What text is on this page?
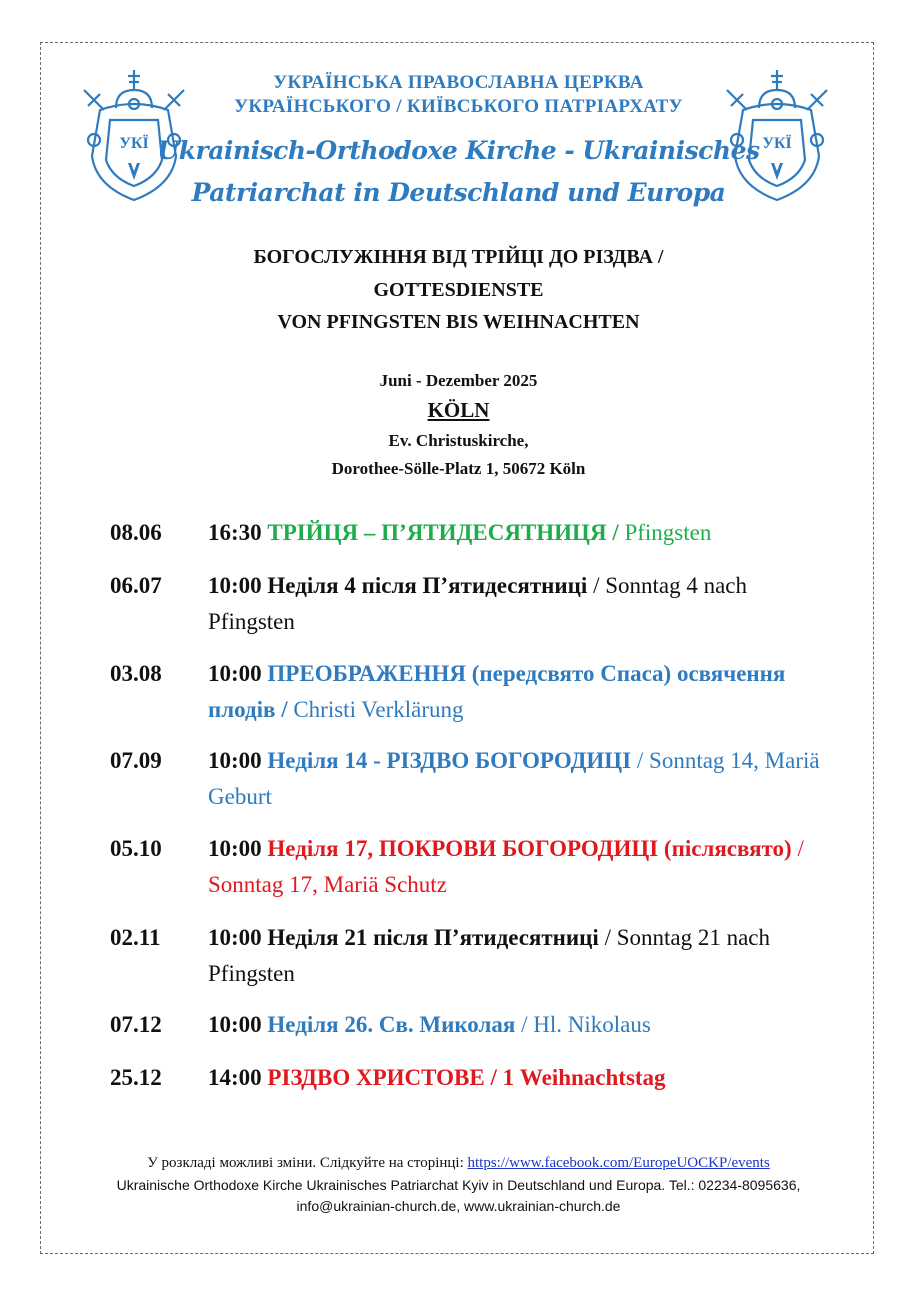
УКЇ	УКЇ
УКРАЇНСЬКА ПРАВОСЛАВНА ЦЕРКВА
УКРАЇНСЬКОГО / КИЇВСЬКОГО ПАТРІАРХАТУ
Ukrainisch-Orthodoxe Kirche - Ukrainisches
Patriarchat in Deutschland und Europa
БОГОСЛУЖІННЯ ВІД ТРІЙЦІ ДО РІЗДВА /
GOTTESDIENSTE
VON PFINGSTEN BIS WEIHNACHTEN
Juni - Dezember 2025
KÖLN
Ev. Christuskirche,
Dorothee-Sölle-Platz 1, 50672 Köln
08.06 16:30 ТРІЙЦЯ – П’ЯТИДЕСЯТНИЦЯ / Pfingsten
06.07 10:00 Неділя 4 після П’ятидесятниці / Sonntag 4 nach Pfingsten
03.08 10:00 ПРЕОБРАЖЕННЯ (передсвято Спаса) освячення плодів / Christi Verklärung
07.09 10:00 Неділя 14 - РІЗДВО БОГОРОДИЦІ / Sonntag 14, Mariä Geburt
05.10 10:00 Неділя 17, ПОКРОВИ БОГОРОДИЦІ (післясвято) / Sonntag 17, Mariä Schutz
02.11 10:00 Неділя 21 після П’ятидесятниці / Sonntag 21 nach Pfingsten
07.12 10:00 Неділя 26. Св. Миколая / Hl. Nikolaus
25.12 14:00 РІЗДВО ХРИСТОВЕ / 1 Weihnachtstag
У розкладі можливі зміни. Слідкуйте на сторінці: https://www.facebook.com/EuropeUOCKP/events
Ukrainische Orthodoxe Kirche Ukrainisches Patriarchat Kyiv in Deutschland und Europa. Tel.: 02234-8095636,
info@ukrainian-church.de, www.ukrainian-church.de
